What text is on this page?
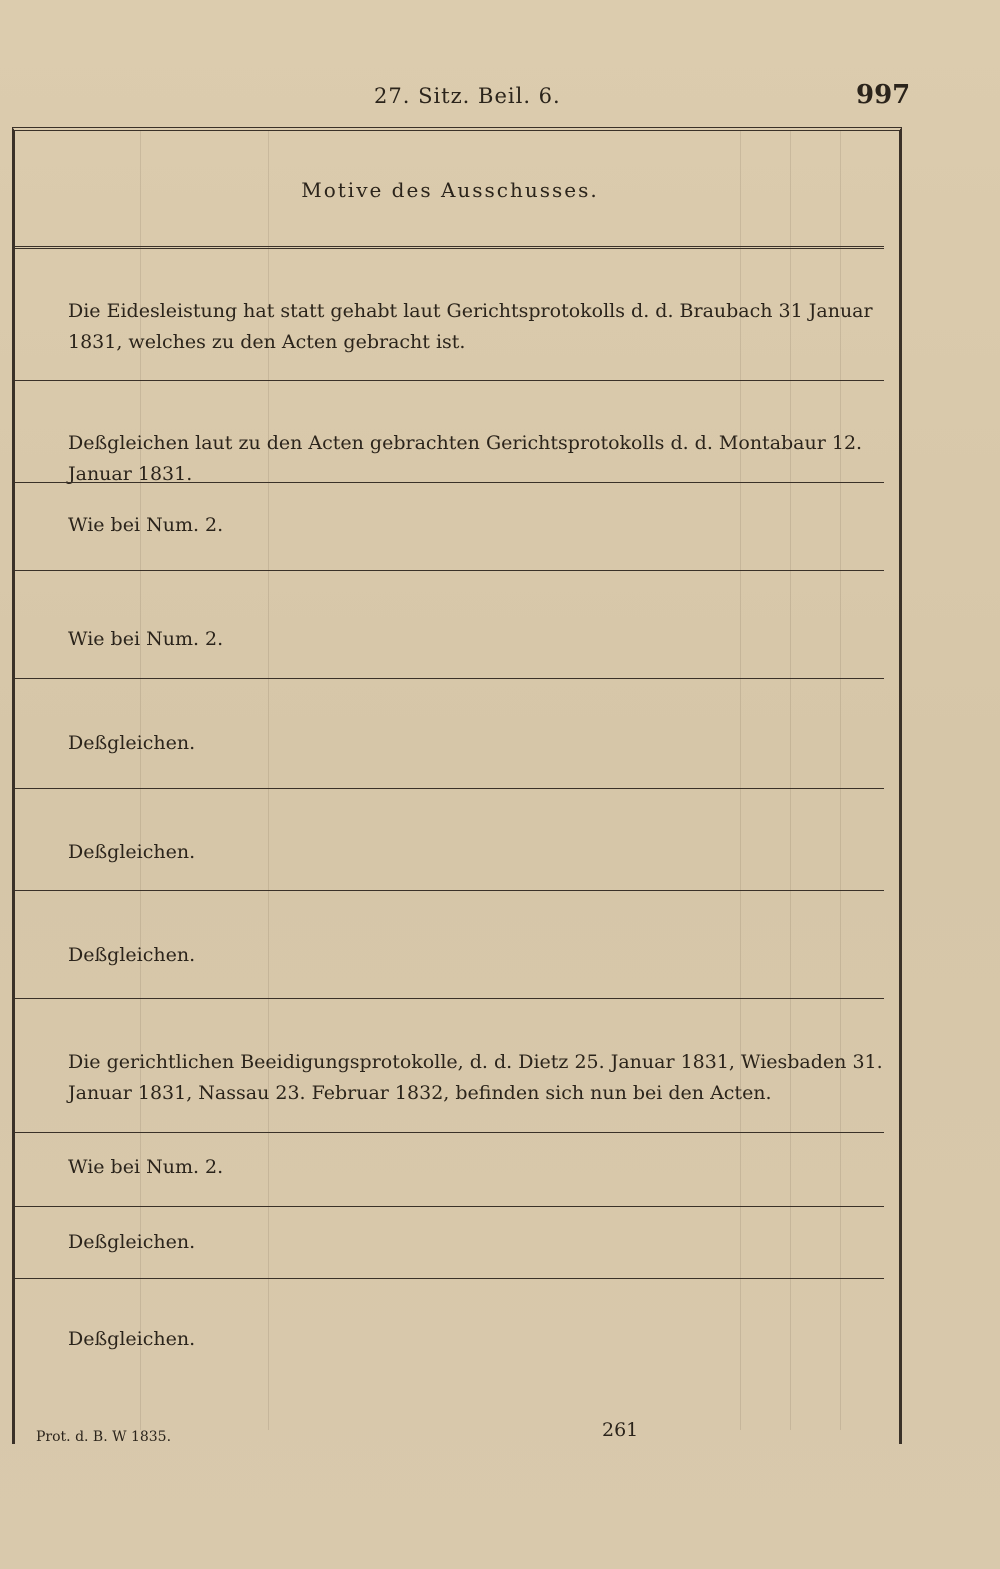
27. Sitz. Beil. 6.	997
Motive des Ausschusses.
Die Eidesleistung hat statt gehabt laut Gerichtsprotokolls d. d. Braubach 31 Januar 1831, welches zu den Acten gebracht ist.
Deßgleichen laut zu den Acten gebrachten Gerichtsprotokolls d. d. Montabaur 12. Januar 1831.
Wie bei Num. 2.
Wie bei Num. 2.
Deßgleichen.
Deßgleichen.
Deßgleichen.
Die gerichtlichen Beeidigungsprotokolle, d. d. Dietz 25. Januar 1831, Wiesbaden 31. Januar 1831, Nassau 23. Februar 1832, befinden sich nun bei den Acten.
Wie bei Num. 2.
Deßgleichen.
Deßgleichen.
Prot. d. B. W 1835.	261
